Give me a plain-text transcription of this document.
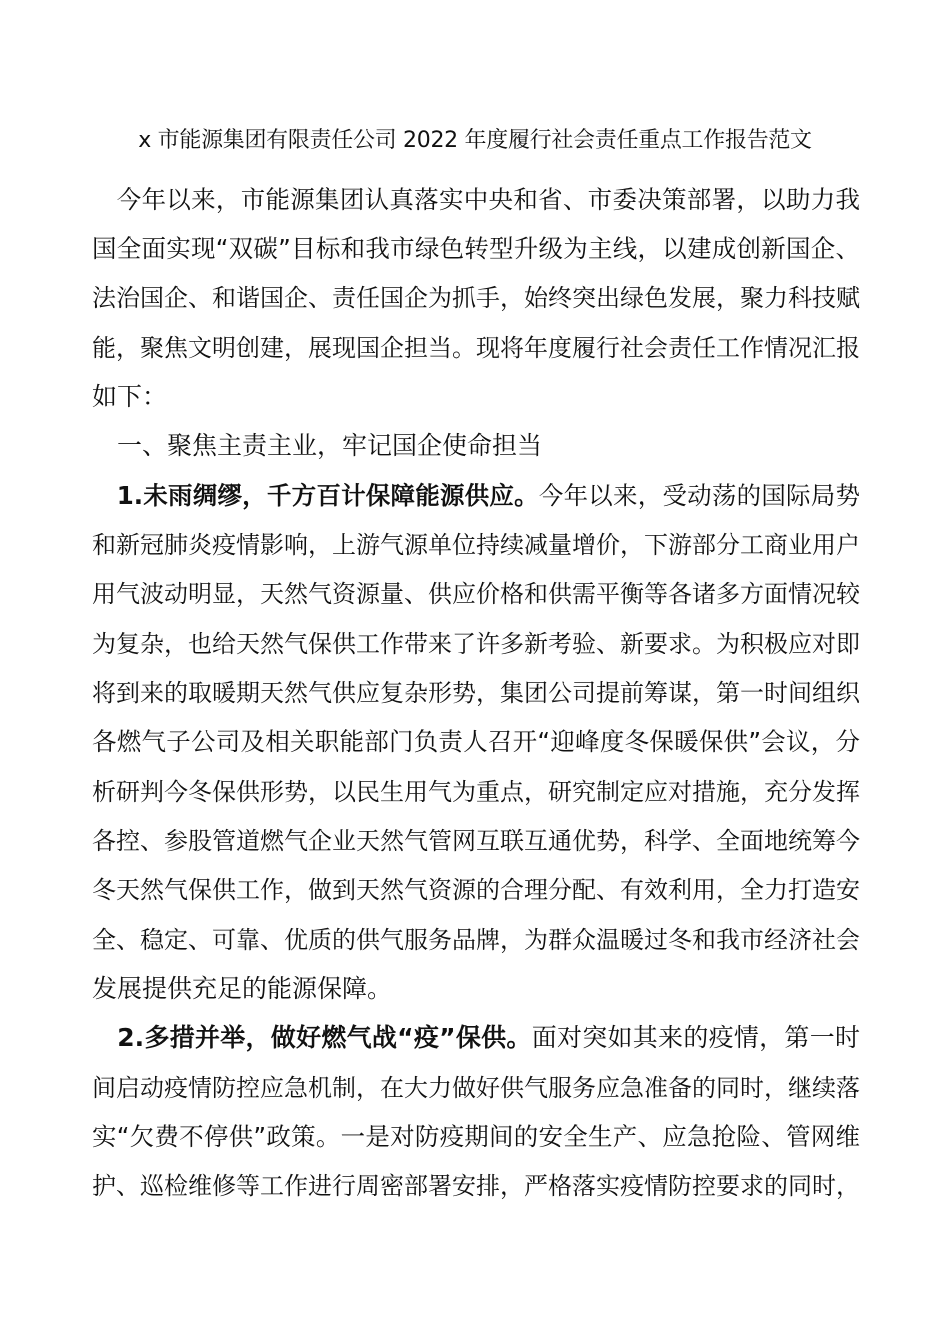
x 市能源集团有限责任公司 2022 年度履行社会责任重点工作报告范文
　今年以来，市能源集团认真落实中央和省、市委决策部署，以助力我
国全面实现“双碳”目标和我市绿色转型升级为主线，以建成创新国企、
法治国企、和谐国企、责任国企为抓手，始终突出绿色发展，聚力科技赋
能，聚焦文明创建，展现国企担当。现将年度履行社会责任工作情况汇报
如下：
　一、聚焦主责主业，牢记国企使命担当
　1.未雨绸缪，千方百计保障能源供应。今年以来，受动荡的国际局势
和新冠肺炎疫情影响，上游气源单位持续减量增价，下游部分工商业用户
用气波动明显，天然气资源量、供应价格和供需平衡等各诸多方面情况较
为复杂，也给天然气保供工作带来了许多新考验、新要求。为积极应对即
将到来的取暖期天然气供应复杂形势，集团公司提前筹谋，第一时间组织
各燃气子公司及相关职能部门负责人召开“迎峰度冬保暖保供”会议，分
析研判今冬保供形势，以民生用气为重点，研究制定应对措施，充分发挥
各控、参股管道燃气企业天然气管网互联互通优势，科学、全面地统筹今
冬天然气保供工作，做到天然气资源的合理分配、有效利用，全力打造安
全、稳定、可靠、优质的供气服务品牌，为群众温暖过冬和我市经济社会
发展提供充足的能源保障。
　2.多措并举，做好燃气战“疫”保供。面对突如其来的疫情，第一时
间启动疫情防控应急机制，在大力做好供气服务应急准备的同时，继续落
实“欠费不停供”政策。一是对防疫期间的安全生产、应急抢险、管网维
护、巡检维修等工作进行周密部署安排，严格落实疫情防控要求的同时，
